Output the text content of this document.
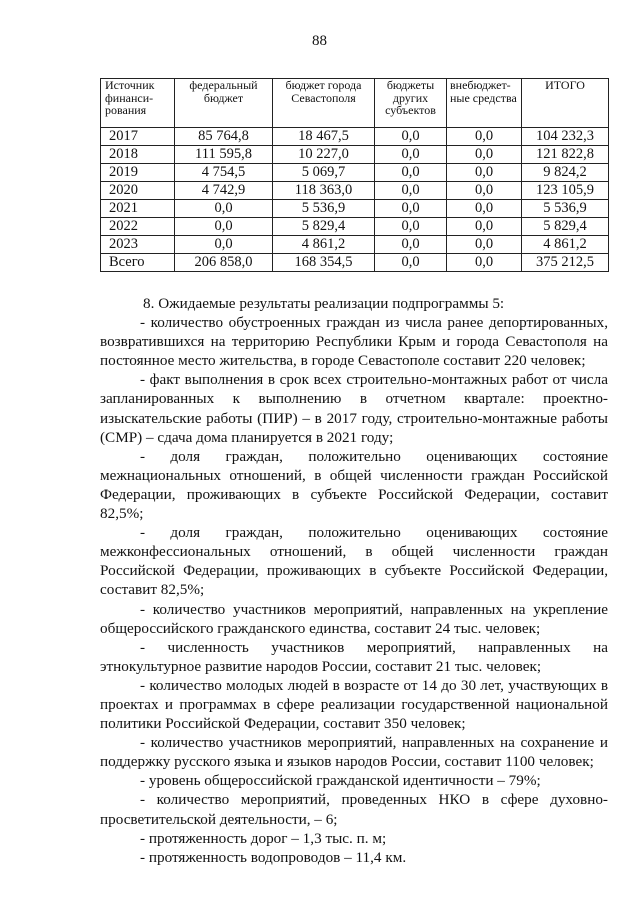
88
Источник финанси-рования	федеральный бюджет	бюджет города Севастополя	бюджеты других субъектов	внебюджет-ные средства	ИТОГО
2017	85 764,8	18 467,5	0,0	0,0	104 232,3
2018	111 595,8	10 227,0	0,0	0,0	121 822,8
2019	4 754,5	5 069,7	0,0	0,0	9 824,2
2020	4 742,9	118 363,0	0,0	0,0	123 105,9
2021	0,0	5 536,9	0,0	0,0	5 536,9
2022	0,0	5 829,4	0,0	0,0	5 829,4
2023	0,0	4 861,2	0,0	0,0	4 861,2
Всего	206 858,0	168 354,5	0,0	0,0	375 212,5

8. Ожидаемые результаты реализации подпрограммы 5:

- количество обустроенных граждан из числа ранее депортированных, возвратившихся на территорию Республики Крым и города Севастополя на постоянное место жительства, в городе Севастополе составит 220 человек;

- факт выполнения в срок всех строительно-монтажных работ от числа запланированных к выполнению в отчетном квартале: проектно-изыскательские работы (ПИР) – в 2017 году, строительно-монтажные работы (СМР) – сдача дома планируется в 2021 году;

- доля граждан, положительно оценивающих состояние межнациональных отношений, в общей численности граждан Российской Федерации, проживающих в субъекте Российской Федерации, составит 82,5%;

- доля граждан, положительно оценивающих состояние межконфессиональных отношений, в общей численности граждан Российской Федерации, проживающих в субъекте Российской Федерации, составит 82,5%;

- количество участников мероприятий, направленных на укрепление общероссийского гражданского единства, составит 24 тыс. человек;

- численность участников мероприятий, направленных на этнокультурное развитие народов России, составит 21 тыс. человек;

- количество молодых людей в возрасте от 14 до 30 лет, участвующих в проектах и программах в сфере реализации государственной национальной политики Российской Федерации, составит 350 человек;

- количество участников мероприятий, направленных на сохранение и поддержку русского языка и языков народов России, составит 1100 человек;

- уровень общероссийской гражданской идентичности – 79%;

- количество мероприятий, проведенных НКО в сфере духовно-просветительской деятельности, – 6;

- протяженность дорог – 1,3 тыс. п. м;

- протяженность водопроводов – 11,4 км.
